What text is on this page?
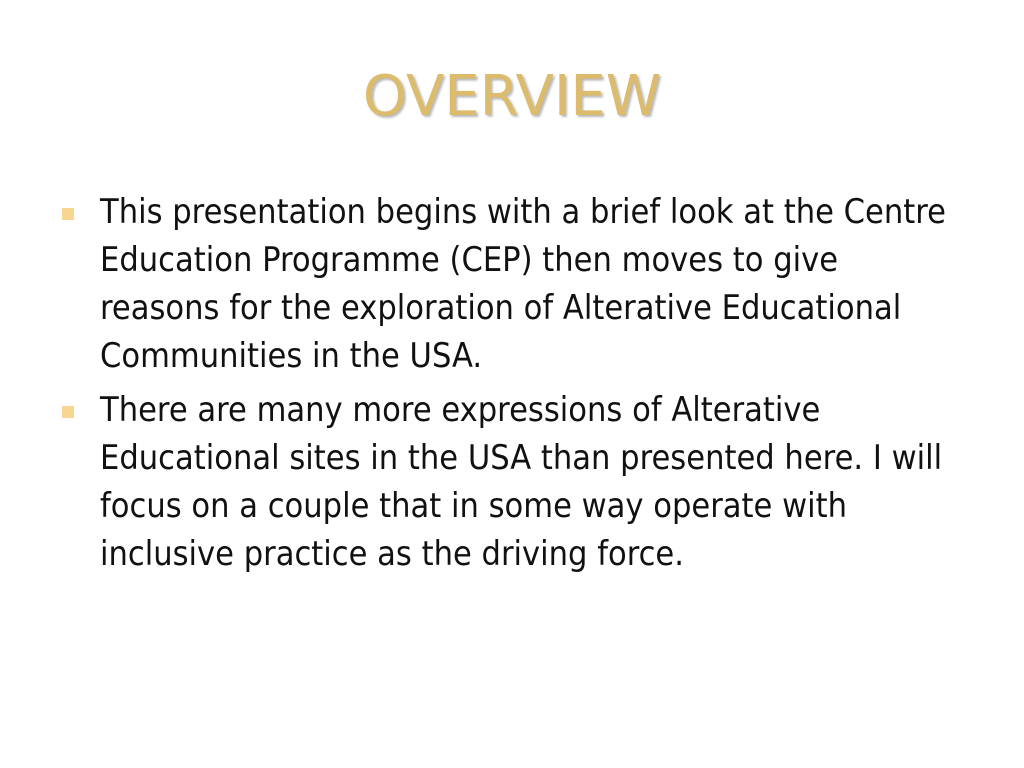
OVERVIEW
This presentation begins with a brief look at the Centre Education Programme (CEP) then moves to give reasons for the exploration of Alterative Educational Communities in the USA.
There are many more expressions of Alterative Educational sites in the USA than presented here. I will focus on a couple that in some way operate with inclusive practice as the driving force.
